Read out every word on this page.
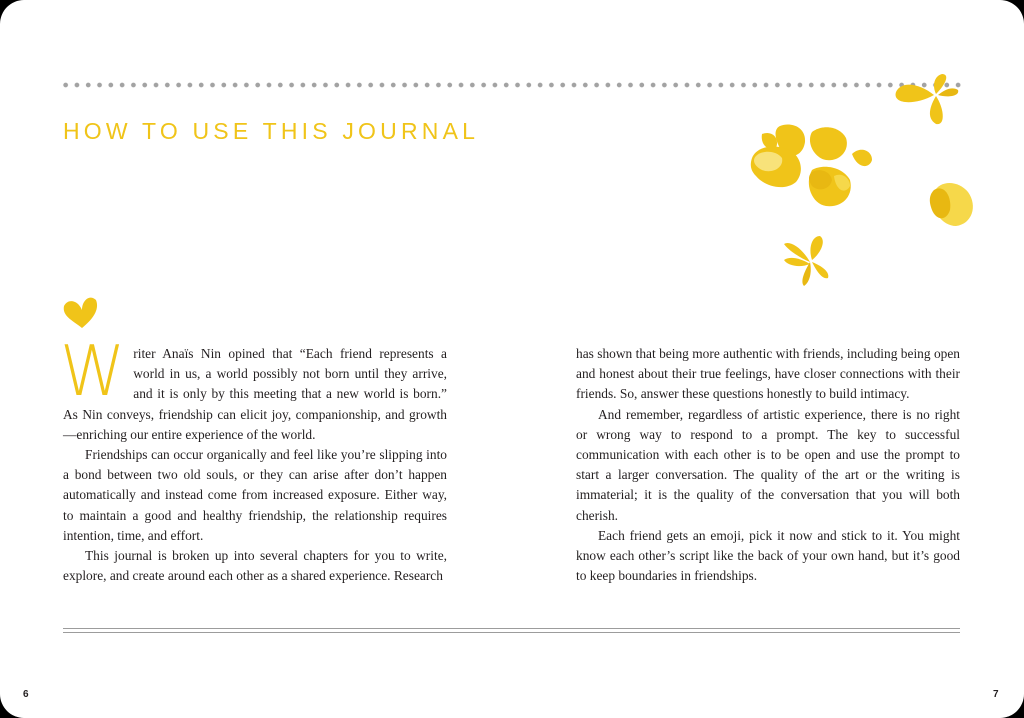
HOW TO USE THIS JOURNAL

Writer Anaïs Nin opined that “Each friend represents a world in us, a world possibly not born until they arrive, and it is only by this meeting that a new world is born.” As Nin conveys, friendship can elicit joy, companionship, and growth—enriching our entire experience of the world.

Friendships can occur organically and feel like you’re slipping into a bond between two old souls, or they can arise after don’t happen automatically and instead come from increased exposure. Either way, to maintain a good and healthy friendship, the relationship requires intention, time, and effort.

This journal is broken up into several chapters for you to write, explore, and create around each other as a shared experience. Research

has shown that being more authentic with friends, including being open and honest about their true feelings, have closer connections with their friends. So, answer these questions honestly to build intimacy.

And remember, regardless of artistic experience, there is no right or wrong way to respond to a prompt. The key to successful communication with each other is to be open and use the prompt to start a larger conversation. The quality of the art or the writing is immaterial; it is the quality of the conversation that you will both cherish.

Each friend gets an emoji, pick it now and stick to it. You might know each other’s script like the back of your own hand, but it’s good to keep boundaries in friendships.

6	7
